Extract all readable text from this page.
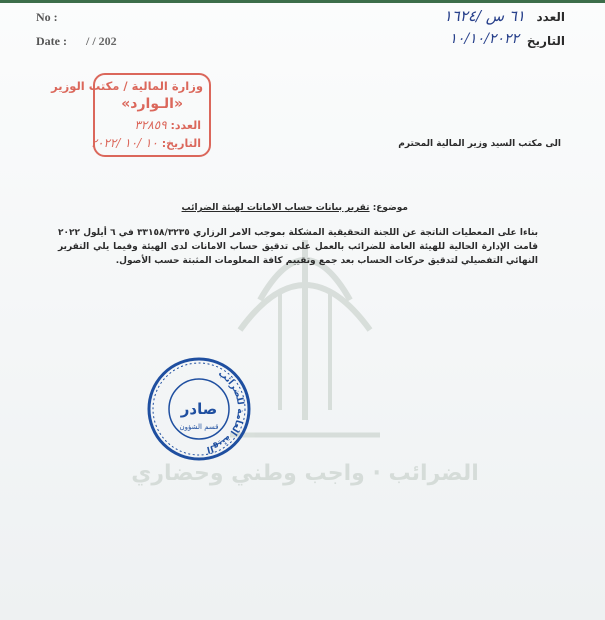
No :
Date : / / 202
العدد
٦١ س /١٦٢٤
التاريخ
١٠/١٠/٢٠٢٢
وزارة المالية / مكتب الوزير
«الـوارد»
العدد: ٣٢٨٥٩
التاريخ: ١٠ /١٠ /٢٠٢٢
الضرائب · واجب وطني وحضاري
الى مكتب السيد وزير المالية المحترم
موضوع: تقرير بيانات حساب الامانات لهيئة الضرائب
بناءا على المعطيات الناتجة عن اللجنة التحقيقية المشكلة بموجب الامر الرزاري ٣٣١٥٨/٣٢٣٥ في ٦ أيلول ٢٠٢٢ قامت الإدارة الحالية للهيئة العامة للضرائب بالعمل على تدقيق حساب الامانات لدى الهيئة وفيما يلي التقرير النهائي التفصيلي لتدقيق حركات الحساب بعد جمع وتقييم كافة المعلومات المثبتة حسب الأصول.
الهيئة العامة للضرائب
صادر
قسم الشؤون
